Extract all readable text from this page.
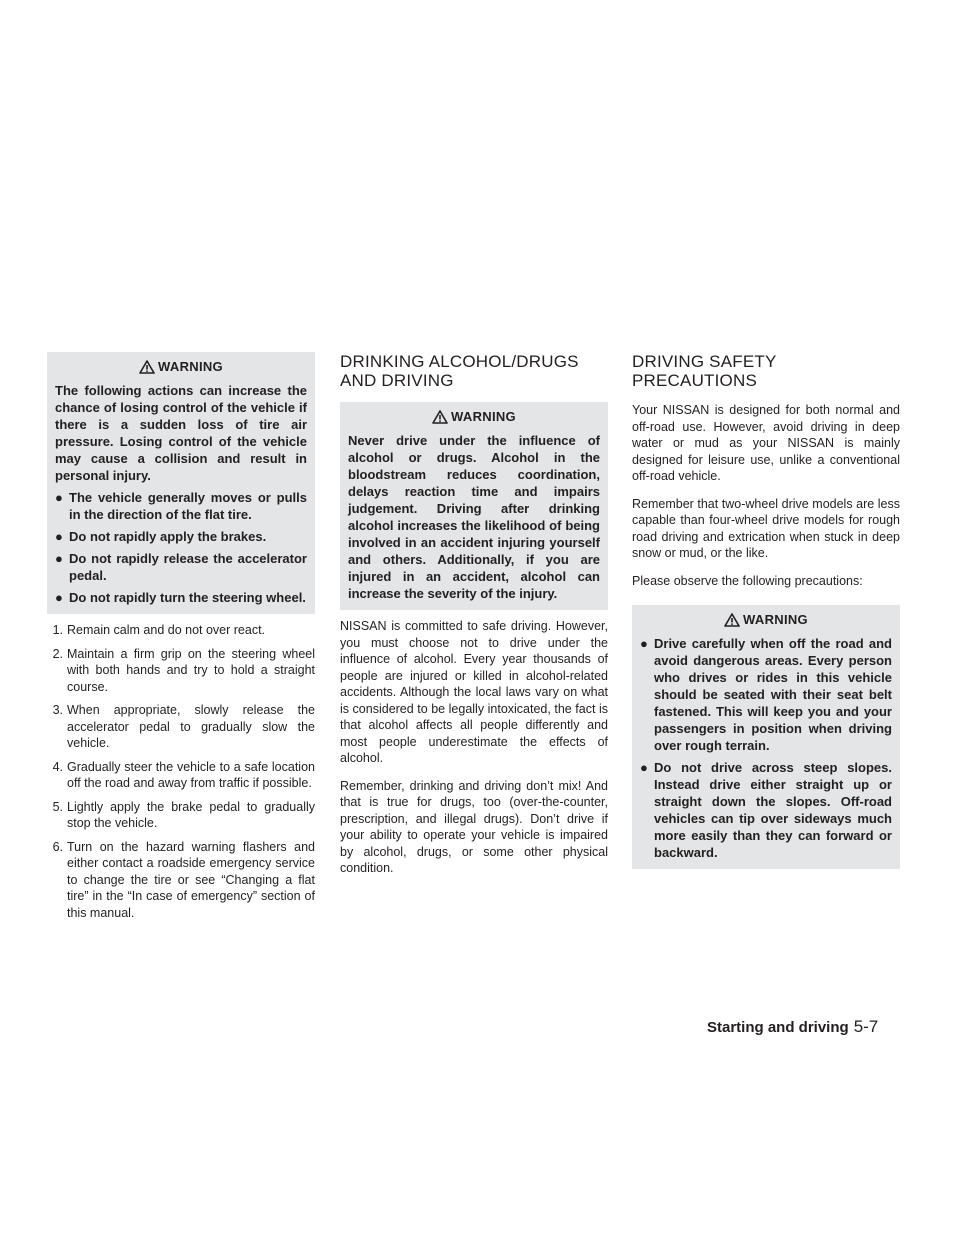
WARNING

The following actions can increase the chance of losing control of the vehicle if there is a sudden loss of tire air pressure. Losing control of the vehicle may cause a collision and result in personal injury.

● The vehicle generally moves or pulls in the direction of the flat tire.
● Do not rapidly apply the brakes.
● Do not rapidly release the accelerator pedal.
● Do not rapidly turn the steering wheel.
1. Remain calm and do not over react.
2. Maintain a firm grip on the steering wheel with both hands and try to hold a straight course.
3. When appropriate, slowly release the accelerator pedal to gradually slow the vehicle.
4. Gradually steer the vehicle to a safe location off the road and away from traffic if possible.
5. Lightly apply the brake pedal to gradually stop the vehicle.
6. Turn on the hazard warning flashers and either contact a roadside emergency service to change the tire or see “Changing a flat tire” in the “In case of emergency” section of this manual.
DRINKING ALCOHOL/DRUGS AND DRIVING
WARNING

Never drive under the influence of alcohol or drugs. Alcohol in the bloodstream reduces coordination, delays reaction time and impairs judgement. Driving after drinking alcohol increases the likelihood of being involved in an accident injuring yourself and others. Additionally, if you are injured in an accident, alcohol can increase the severity of the injury.

NISSAN is committed to safe driving. However, you must choose not to drive under the influence of alcohol. Every year thousands of people are injured or killed in alcohol-related accidents. Although the local laws vary on what is considered to be legally intoxicated, the fact is that alcohol affects all people differently and most people underestimate the effects of alcohol.

Remember, drinking and driving don’t mix! And that is true for drugs, too (over-the-counter, prescription, and illegal drugs). Don’t drive if your ability to operate your vehicle is impaired by alcohol, drugs, or some other physical condition.

DRIVING SAFETY PRECAUTIONS

Your NISSAN is designed for both normal and off-road use. However, avoid driving in deep water or mud as your NISSAN is mainly designed for leisure use, unlike a conventional off-road vehicle.

Remember that two-wheel drive models are less capable than four-wheel drive models for rough road driving and extrication when stuck in deep snow or mud, or the like.

Please observe the following precautions:

WARNING
● Drive carefully when off the road and avoid dangerous areas. Every person who drives or rides in this vehicle should be seated with their seat belt fastened. This will keep you and your passengers in position when driving over rough terrain.
● Do not drive across steep slopes. Instead drive either straight up or straight down the slopes. Off-road vehicles can tip over sideways much more easily than they can forward or backward.
Starting and driving 5-7
